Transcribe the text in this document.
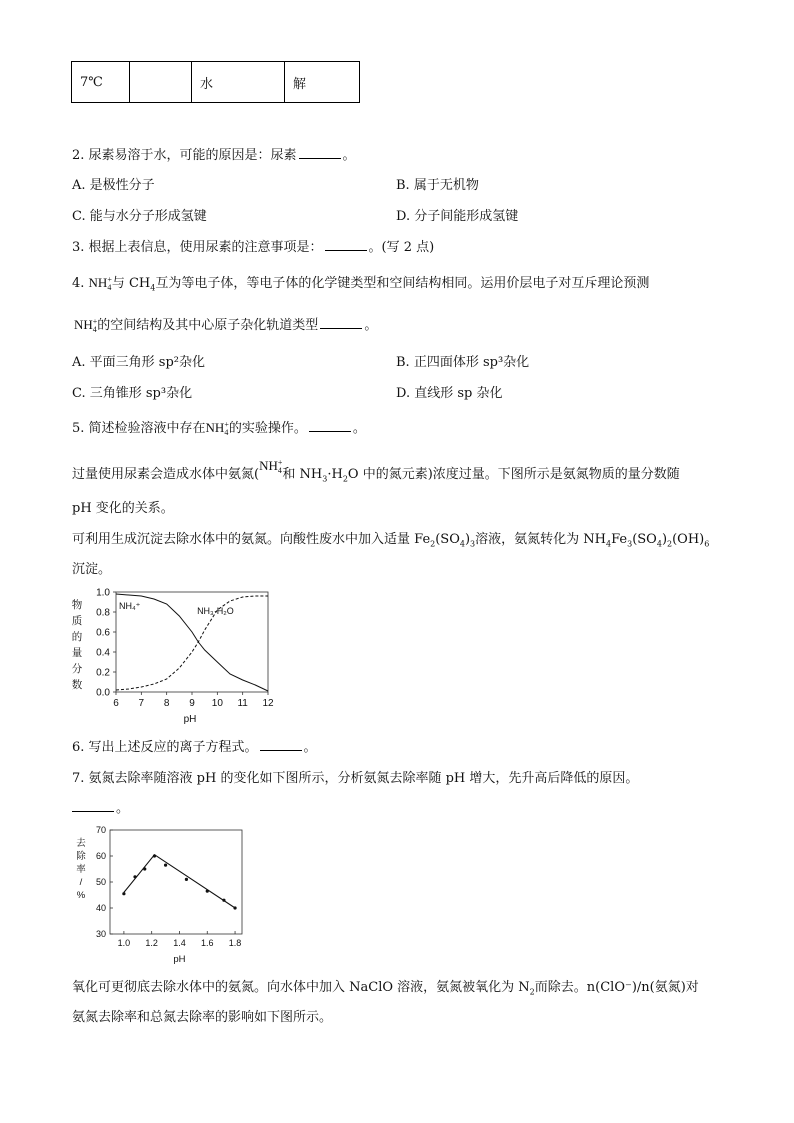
7℃		水	解
2. 尿素易溶于水，可能的原因是：尿素	。
A. 是极性分子	B. 属于无机物
C. 能与水分子形成氢键	D. 分子间能形成氢键
3. 根据上表信息，使用尿素的注意事项是：	。(写 2 点)
4. NH +
4 与 $CH_4$互为等电子体，等电子体的化学键类型和空间结构相同。运用价层电子对互斥理论预测
NH +
4 的空间结构及其中心原子杂化轨道类型	。
A. 平面三角形 sp²杂化	B. 正四面体形 sp³杂化
C. 三角锥形 sp³杂化	D. 直线形 sp 杂化
5. 简述检验溶液中存在NH +
4 的实验操作。	。
过量使用尿素会造成水体中氨氮(NH +
4 和 $NH_3\cdot H_2O$ 中的氮元素)浓度过量。下图所示是氨氮物质的量分数随
pH 变化的关系。
可利用生成沉淀去除水体中的氨氮。向酸性废水中加入适量 $Fe_2(SO_4)_3$溶液，氨氮转化为 $NH_4Fe_3(SO_4)_2(OH)_6$
沉淀。
6 7 8 9 10 11 12
0.0
0.2
0.4
0.6
0.8
1.0
物
质
的
量
分
数
pH
NH₄⁺	NH₃·H₂O
6. 写出上述反应的离子方程式。	。
7. 氨氮去除率随溶液 pH 的变化如下图所示，分析氨氮去除率随 pH 增大，先升高后降低的原因。
。
1.0 1.2 1.4 1.6 1.8
30
40
50
60
70
去
除
率
/
%
pH
氧化可更彻底去除水体中的氨氮。向水体中加入 NaClO 溶液，氨氮被氧化为 $N_2$而除去。n(ClO⁻)/n(氨氮)对
氨氮去除率和总氮去除率的影响如下图所示。
